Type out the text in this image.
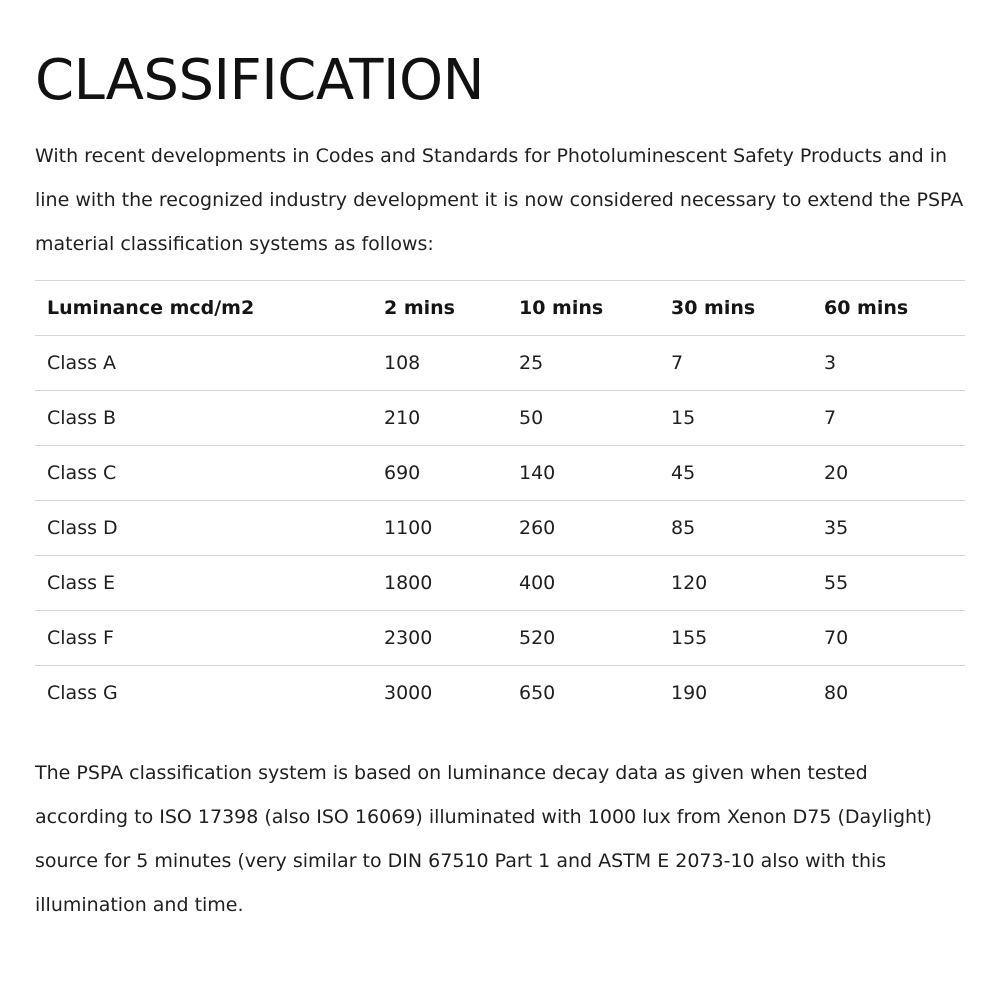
CLASSIFICATION

With recent developments in Codes and Standards for Photoluminescent Safety Products and in line with the recognized industry development it is now considered necessary to extend the PSPA material classification systems as follows:

Luminance mcd/m2	2 mins	10 mins	30 mins	60 mins
Class A	108	25	7	3
Class B	210	50	15	7
Class C	690	140	45	20
Class D	1100	260	85	35
Class E	1800	400	120	55
Class F	2300	520	155	70
Class G	3000	650	190	80

The PSPA classification system is based on luminance decay data as given when tested according to ISO 17398 (also ISO 16069) illuminated with 1000 lux from Xenon D75 (Daylight) source for 5 minutes (very similar to DIN 67510 Part 1 and ASTM E 2073-10 also with this illumination and time.
